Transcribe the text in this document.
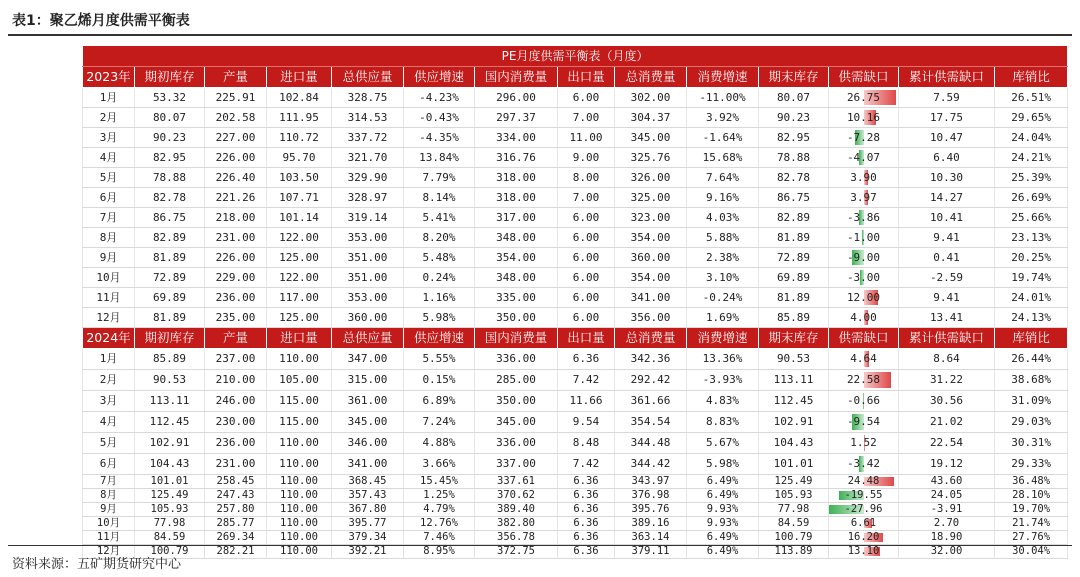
表1：聚乙烯月度供需平衡表
PE月度供需平衡表（月度）													
2023年	期初库存	产量	进口量	总供应量	供应增速	国内消费量	出口量	总消费量	消费增速	期末库存	供需缺口	累计供需缺口	库销比
1月	53.32	225.91	102.84	328.75	-4.23%	296.00	6.00	302.00	-11.00%	80.07	26.75	7.59	26.51%
2月	80.07	202.58	111.95	314.53	-0.43%	297.37	7.00	304.37	3.92%	90.23	10.16	17.75	29.65%
3月	90.23	227.00	110.72	337.72	-4.35%	334.00	11.00	345.00	-1.64%	82.95	-7.28	10.47	24.04%
4月	82.95	226.00	95.70	321.70	13.84%	316.76	9.00	325.76	15.68%	78.88	-4.07	6.40	24.21%
5月	78.88	226.40	103.50	329.90	7.79%	318.00	8.00	326.00	7.64%	82.78	3.90	10.30	25.39%
6月	82.78	221.26	107.71	328.97	8.14%	318.00	7.00	325.00	9.16%	86.75	3.97	14.27	26.69%
7月	86.75	218.00	101.14	319.14	5.41%	317.00	6.00	323.00	4.03%	82.89	-3.86	10.41	25.66%
8月	82.89	231.00	122.00	353.00	8.20%	348.00	6.00	354.00	5.88%	81.89	-1.00	9.41	23.13%
9月	81.89	226.00	125.00	351.00	5.48%	354.00	6.00	360.00	2.38%	72.89	-9.00	0.41	20.25%
10月	72.89	229.00	122.00	351.00	0.24%	348.00	6.00	354.00	3.10%	69.89	-3.00	-2.59	19.74%
11月	69.89	236.00	117.00	353.00	1.16%	335.00	6.00	341.00	-0.24%	81.89	12.00	9.41	24.01%
12月	81.89	235.00	125.00	360.00	5.98%	350.00	6.00	356.00	1.69%	85.89	4.00	13.41	24.13%
2024年	期初库存	产量	进口量	总供应量	供应增速	国内消费量	出口量	总消费量	消费增速	期末库存	供需缺口	累计供需缺口	库销比
1月	85.89	237.00	110.00	347.00	5.55%	336.00	6.36	342.36	13.36%	90.53	4.64	8.64	26.44%
2月	90.53	210.00	105.00	315.00	0.15%	285.00	7.42	292.42	-3.93%	113.11	22.58	31.22	38.68%
3月	113.11	246.00	115.00	361.00	6.89%	350.00	11.66	361.66	4.83%	112.45	-0.66	30.56	31.09%
4月	112.45	230.00	115.00	345.00	7.24%	345.00	9.54	354.54	8.83%	102.91	-9.54	21.02	29.03%
5月	102.91	236.00	110.00	346.00	4.88%	336.00	8.48	344.48	5.67%	104.43	1.52	22.54	30.31%
6月	104.43	231.00	110.00	341.00	3.66%	337.00	7.42	344.42	5.98%	101.01	-3.42	19.12	29.33%
7月	101.01	258.45	110.00	368.45	15.45%	337.61	6.36	343.97	6.49%	125.49	24.48	43.60	36.48%
8月	125.49	247.43	110.00	357.43	1.25%	370.62	6.36	376.98	6.49%	105.93	-19.55	24.05	28.10%
9月	105.93	257.80	110.00	367.80	4.79%	389.40	6.36	395.76	9.93%	77.98	-27.96	-3.91	19.70%
10月	77.98	285.77	110.00	395.77	12.76%	382.80	6.36	389.16	9.93%	84.59	6.61	2.70	21.74%
11月	84.59	269.34	110.00	379.34	7.46%	356.78	6.36	363.14	6.49%	100.79	16.20	18.90	27.76%
12月	100.79	282.21	110.00	392.21	8.95%	372.75	6.36	379.11	6.49%	113.89	13.10	32.00	30.04%
资料来源：五矿期货研究中心
